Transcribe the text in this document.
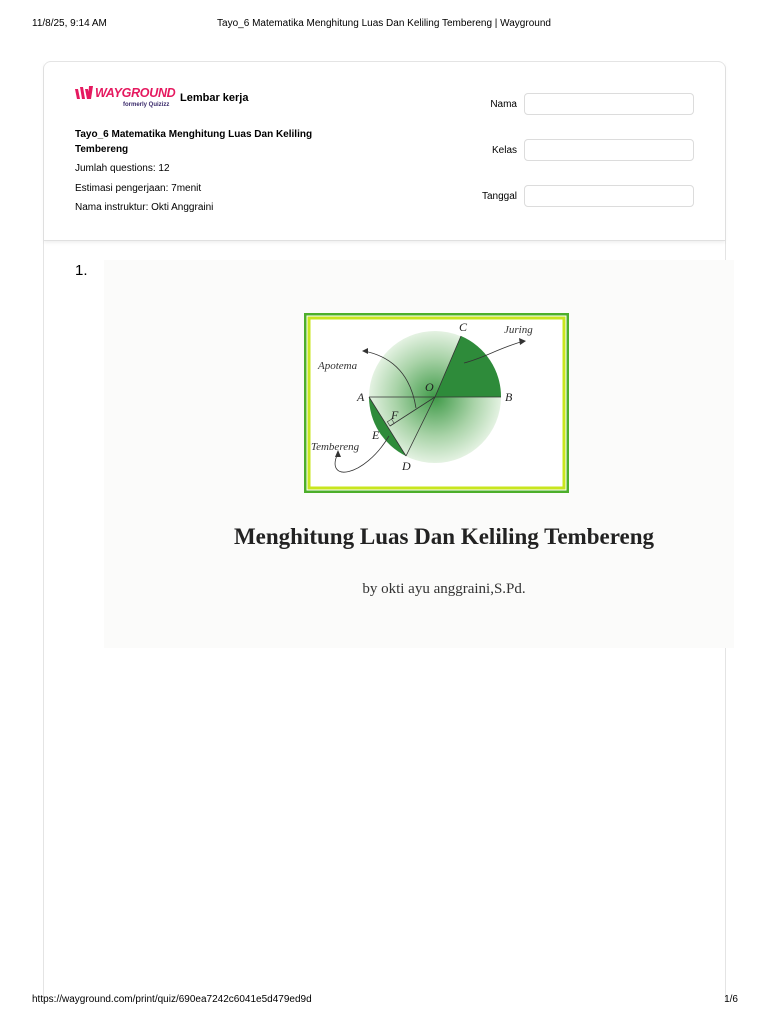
11/8/25, 9:14 AM	Tayo_6 Matematika Menghitung Luas Dan Keliling Tembereng | Wayground
WAYGROUND
formerly Quizizz
Lembar kerja
Tayo_6 Matematika Menghitung Luas Dan Keliling Tembereng
Jumlah questions: 12
Estimasi pengerjaan: 7menit
Nama instruktur: Okti Anggraini
Nama
Kelas
Tanggal
1.
C	Juring
Apotema
O
A	B
F
E
Tembereng
D
Menghitung Luas Dan Keliling Tembereng
by okti ayu anggraini,S.Pd.
https://wayground.com/print/quiz/690ea7242c6041e5d479ed9d	1/6
